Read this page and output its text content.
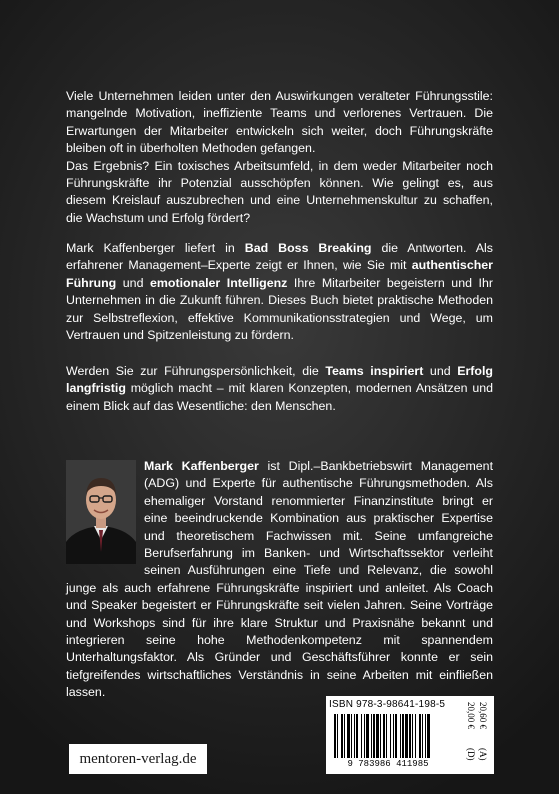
Viele Unternehmen leiden unter den Auswirkungen veralteter Führungsstile: mangelnde Motivation, ineffiziente Teams und verlorenes Vertrauen. Die Erwartungen der Mitarbeiter entwickeln sich weiter, doch Führungskräfte bleiben oft in überholten Methoden gefangen.
Das Ergebnis? Ein toxisches Arbeitsumfeld, in dem weder Mitarbeiter noch Führungskräfte ihr Potenzial ausschöpfen können. Wie gelingt es, aus diesem Kreislauf auszubrechen und eine Unternehmenskultur zu schaffen, die Wachstum und Erfolg fördert?

Mark Kaffenberger liefert in Bad Boss Breaking die Antworten. Als erfahrener Management–Experte zeigt er Ihnen, wie Sie mit authentischer Führung und emotionaler Intelligenz Ihre Mitarbeiter begeistern und Ihr Unternehmen in die Zukunft führen. Dieses Buch bietet praktische Methoden zur Selbstreflexion, effektive Kommunikationsstrategien und Wege, um Vertrauen und Spitzenleistung zu fördern.

Werden Sie zur Führungspersönlichkeit, die Teams inspiriert und Erfolg langfristig möglich macht – mit klaren Konzepten, modernen Ansätzen und einem Blick auf das Wesentliche: den Menschen.

Mark Kaffenberger ist Dipl.–Bankbetriebswirt Management (ADG) und Experte für authentische Führungsmethoden. Als ehemaliger Vorstand renommierter Finanzinstitute bringt er eine beeindruckende Kombination aus praktischer Expertise und theoretischem Fachwissen mit. Seine umfangreiche Berufserfahrung im Banken- und Wirtschaftssektor verleiht seinen Ausführungen eine Tiefe und Relevanz, die sowohl junge als auch erfahrene Führungskräfte inspiriert und anleitet. Als Coach und Speaker begeistert er Führungskräfte seit vielen Jahren. Seine Vorträge und Workshops sind für ihre klare Struktur und Praxisnähe bekannt und integrieren seine hohe Methodenkompetenz mit spannendem Unterhaltungsfaktor. Als Gründer und Geschäftsführer konnte er sein tiefgreifendes wirtschaftliches Verständnis in seine Arbeiten mit einfließen lassen.
ISBN 978-3-98641-198-5
9 783986 411985
20,00 € 20,60 €
(D) (A)
mentoren-verlag.de
